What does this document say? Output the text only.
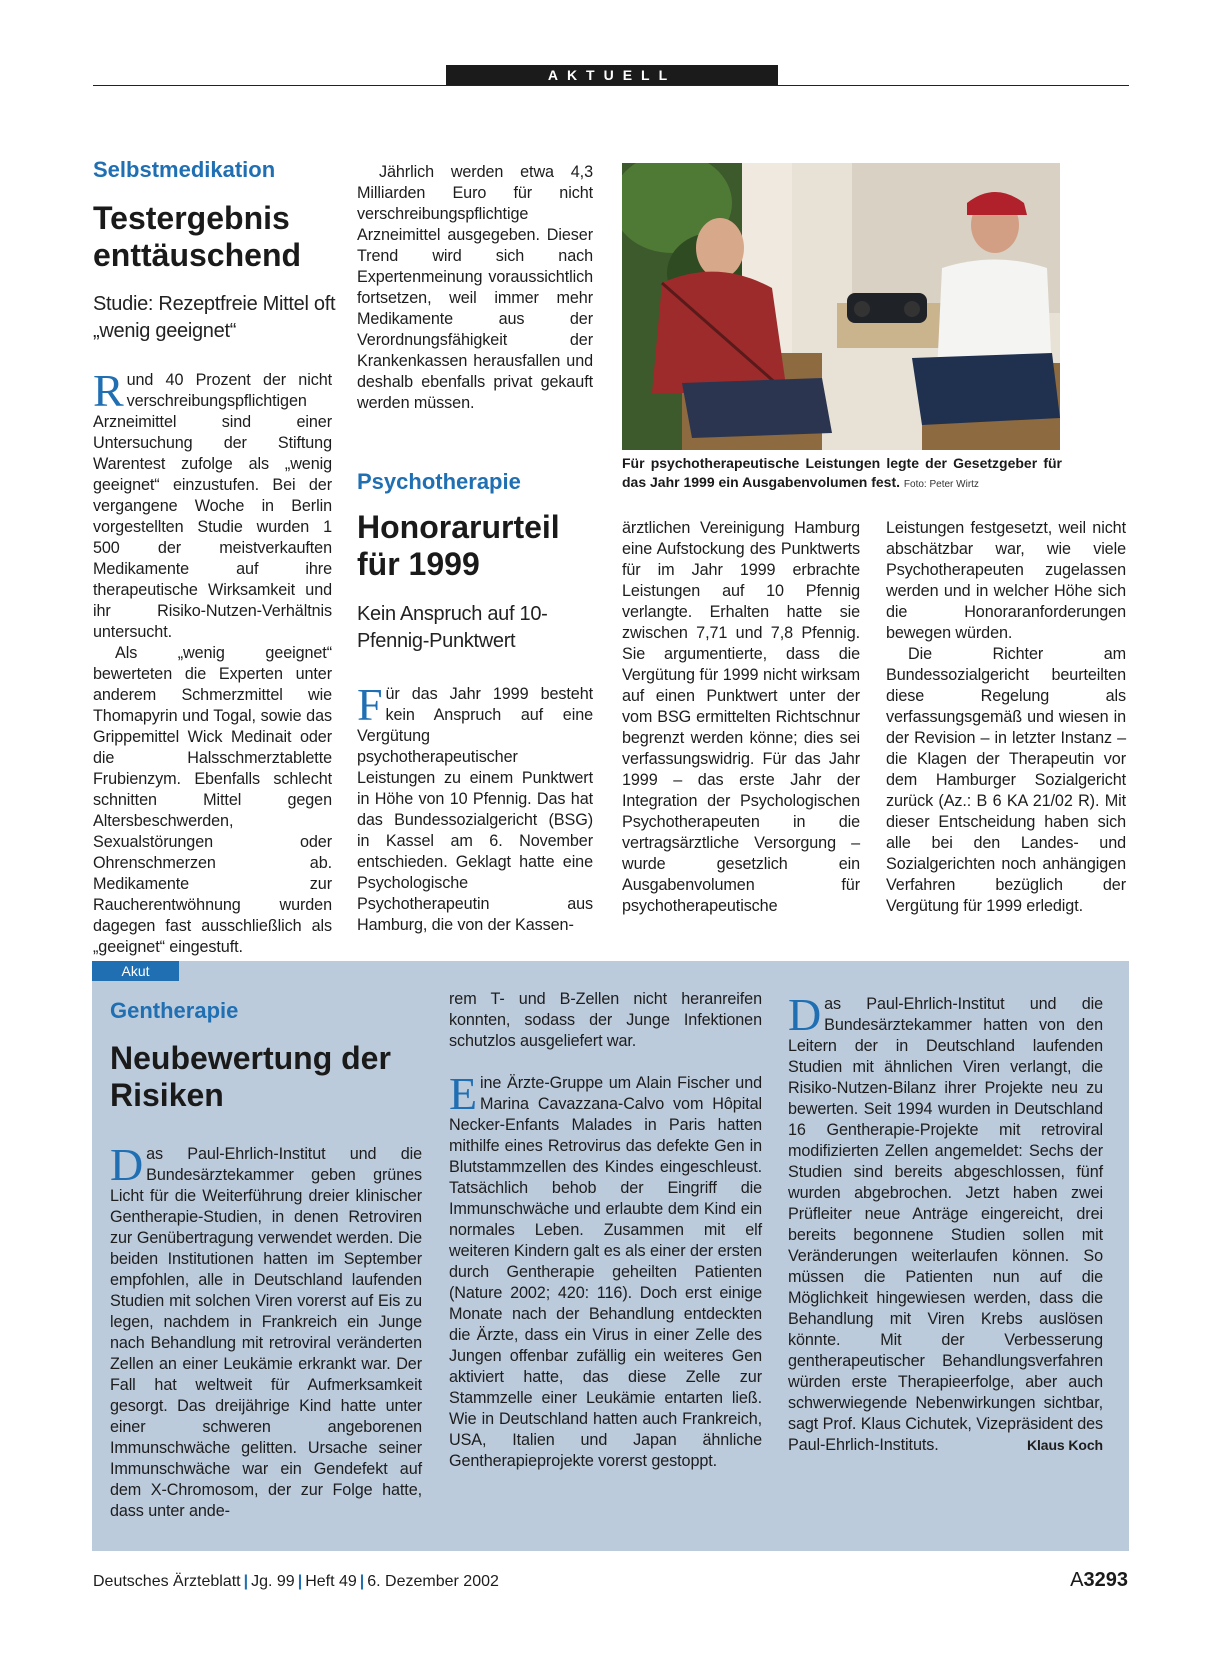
AKTUELL
Selbstmedikation
Testergebnis enttäuschend
Studie: Rezeptfreie Mittel oft „wenig geeignet“

Rund 40 Prozent der nicht verschreibungspflichtigen Arzneimittel sind einer Untersuchung der Stiftung Warentest zufolge als „wenig geeignet“ einzustufen. Bei der vergangene Woche in Berlin vorgestellten Studie wurden 1 500 der meistverkauften Medikamente auf ihre therapeutische Wirksamkeit und ihr Risiko-Nutzen-Verhältnis untersucht.

Als „wenig geeignet“ bewerteten die Experten unter anderem Schmerzmittel wie Thomapyrin und Togal, sowie das Grippemittel Wick Medinait oder die Halsschmerztablette Frubienzym. Ebenfalls schlecht schnitten Mittel gegen Altersbeschwerden, Sexualstörungen oder Ohrenschmerzen ab. Medikamente zur Raucherentwöhnung wurden dagegen fast ausschließlich als „geeignet“ eingestuft.

Jährlich werden etwa 4,3 Milliarden Euro für nicht verschreibungspflichtige Arzneimittel ausgegeben. Dieser Trend wird sich nach Expertenmeinung voraussichtlich fortsetzen, weil immer mehr Medikamente aus der Verordnungsfähigkeit der Krankenkassen herausfallen und deshalb ebenfalls privat gekauft werden müssen.

Für psychotherapeutische Leistungen legte der Gesetzgeber für das Jahr 1999 ein Ausgabenvolumen fest. Foto: Peter Wirtz
Psychotherapie
Honorarurteil für 1999
Kein Anspruch auf 10-Pfennig-Punktwert

Für das Jahr 1999 besteht kein Anspruch auf eine Vergütung psychotherapeutischer Leistungen zu einem Punktwert in Höhe von 10 Pfennig. Das hat das Bundessozialgericht (BSG) in Kassel am 6. November entschieden. Geklagt hatte eine Psychologische Psychotherapeutin aus Hamburg, die von der Kassen-

ärztlichen Vereinigung Hamburg eine Aufstockung des Punktwerts für im Jahr 1999 erbrachte Leistungen auf 10 Pfennig verlangte. Erhalten hatte sie zwischen 7,71 und 7,8 Pfennig. Sie argumentierte, dass die Vergütung für 1999 nicht wirksam auf einen Punktwert unter der vom BSG ermittelten Richtschnur begrenzt werden könne; dies sei verfassungswidrig. Für das Jahr 1999 – das erste Jahr der Integration der Psychologischen Psychotherapeuten in die vertragsärztliche Versorgung – wurde gesetzlich ein Ausgabenvolumen für psychotherapeutische

Leistungen festgesetzt, weil nicht abschätzbar war, wie viele Psychotherapeuten zugelassen werden und in welcher Höhe sich die Honoraranforderungen bewegen würden.

Die Richter am Bundessozialgericht beurteilten diese Regelung als verfassungsgemäß und wiesen in der Revision – in letzter Instanz – die Klagen der Therapeutin vor dem Hamburger Sozialgericht zurück (Az.: B 6 KA 21/02 R). Mit dieser Entscheidung haben sich alle bei den Landes- und Sozialgerichten noch anhängigen Verfahren bezüglich der Vergütung für 1999 erledigt.

Akut
Gentherapie
Neubewertung der Risiken

Das Paul-Ehrlich-Institut und die Bundesärztekammer geben grünes Licht für die Weiterführung dreier klinischer Gentherapie-Studien, in denen Retroviren zur Genübertragung verwendet werden. Die beiden Institutionen hatten im September empfohlen, alle in Deutschland laufenden Studien mit solchen Viren vorerst auf Eis zu legen, nachdem in Frankreich ein Junge nach Behandlung mit retroviral veränderten Zellen an einer Leukämie erkrankt war. Der Fall hat weltweit für Aufmerksamkeit gesorgt. Das dreijährige Kind hatte unter einer schweren angeborenen Immunschwäche gelitten. Ursache seiner Immunschwäche war ein Gendefekt auf dem X-Chromosom, der zur Folge hatte, dass unter ande-

rem T- und B-Zellen nicht heranreifen konnten, sodass der Junge Infektionen schutzlos ausgeliefert war.

Eine Ärzte-Gruppe um Alain Fischer und Marina Cavazzana-Calvo vom Hôpital Necker-Enfants Malades in Paris hatten mithilfe eines Retrovirus das defekte Gen in Blutstammzellen des Kindes eingeschleust. Tatsächlich behob der Eingriff die Immunschwäche und erlaubte dem Kind ein normales Leben. Zusammen mit elf weiteren Kindern galt es als einer der ersten durch Gentherapie geheilten Patienten (Nature 2002; 420: 116). Doch erst einige Monate nach der Behandlung entdeckten die Ärzte, dass ein Virus in einer Zelle des Jungen offenbar zufällig ein weiteres Gen aktiviert hatte, das diese Zelle zur Stammzelle einer Leukämie entarten ließ. Wie in Deutschland hatten auch Frankreich, USA, Italien und Japan ähnliche Gentherapieprojekte vorerst gestoppt.

Das Paul-Ehrlich-Institut und die Bundesärztekammer hatten von den Leitern der in Deutschland laufenden Studien mit ähnlichen Viren verlangt, die Risiko-Nutzen-Bilanz ihrer Projekte neu zu bewerten. Seit 1994 wurden in Deutschland 16 Gentherapie-Projekte mit retroviral modifizierten Zellen angemeldet: Sechs der Studien sind bereits abgeschlossen, fünf wurden abgebrochen. Jetzt haben zwei Prüfleiter neue Anträge eingereicht, drei bereits begonnene Studien sollen mit Veränderungen weiterlaufen können. So müssen die Patienten nun auf die Möglichkeit hingewiesen werden, dass die Behandlung mit Viren Krebs auslösen könnte. Mit der Verbesserung gentherapeutischer Behandlungsverfahren würden erste Therapieerfolge, aber auch schwerwiegende Nebenwirkungen sichtbar, sagt Prof. Klaus Cichutek, Vizepräsident des Paul-Ehrlich-Instituts.	Klaus Koch

Deutsches Ärzteblatt | Jg. 99 | Heft 49 | 6. Dezember 2002	A3293
